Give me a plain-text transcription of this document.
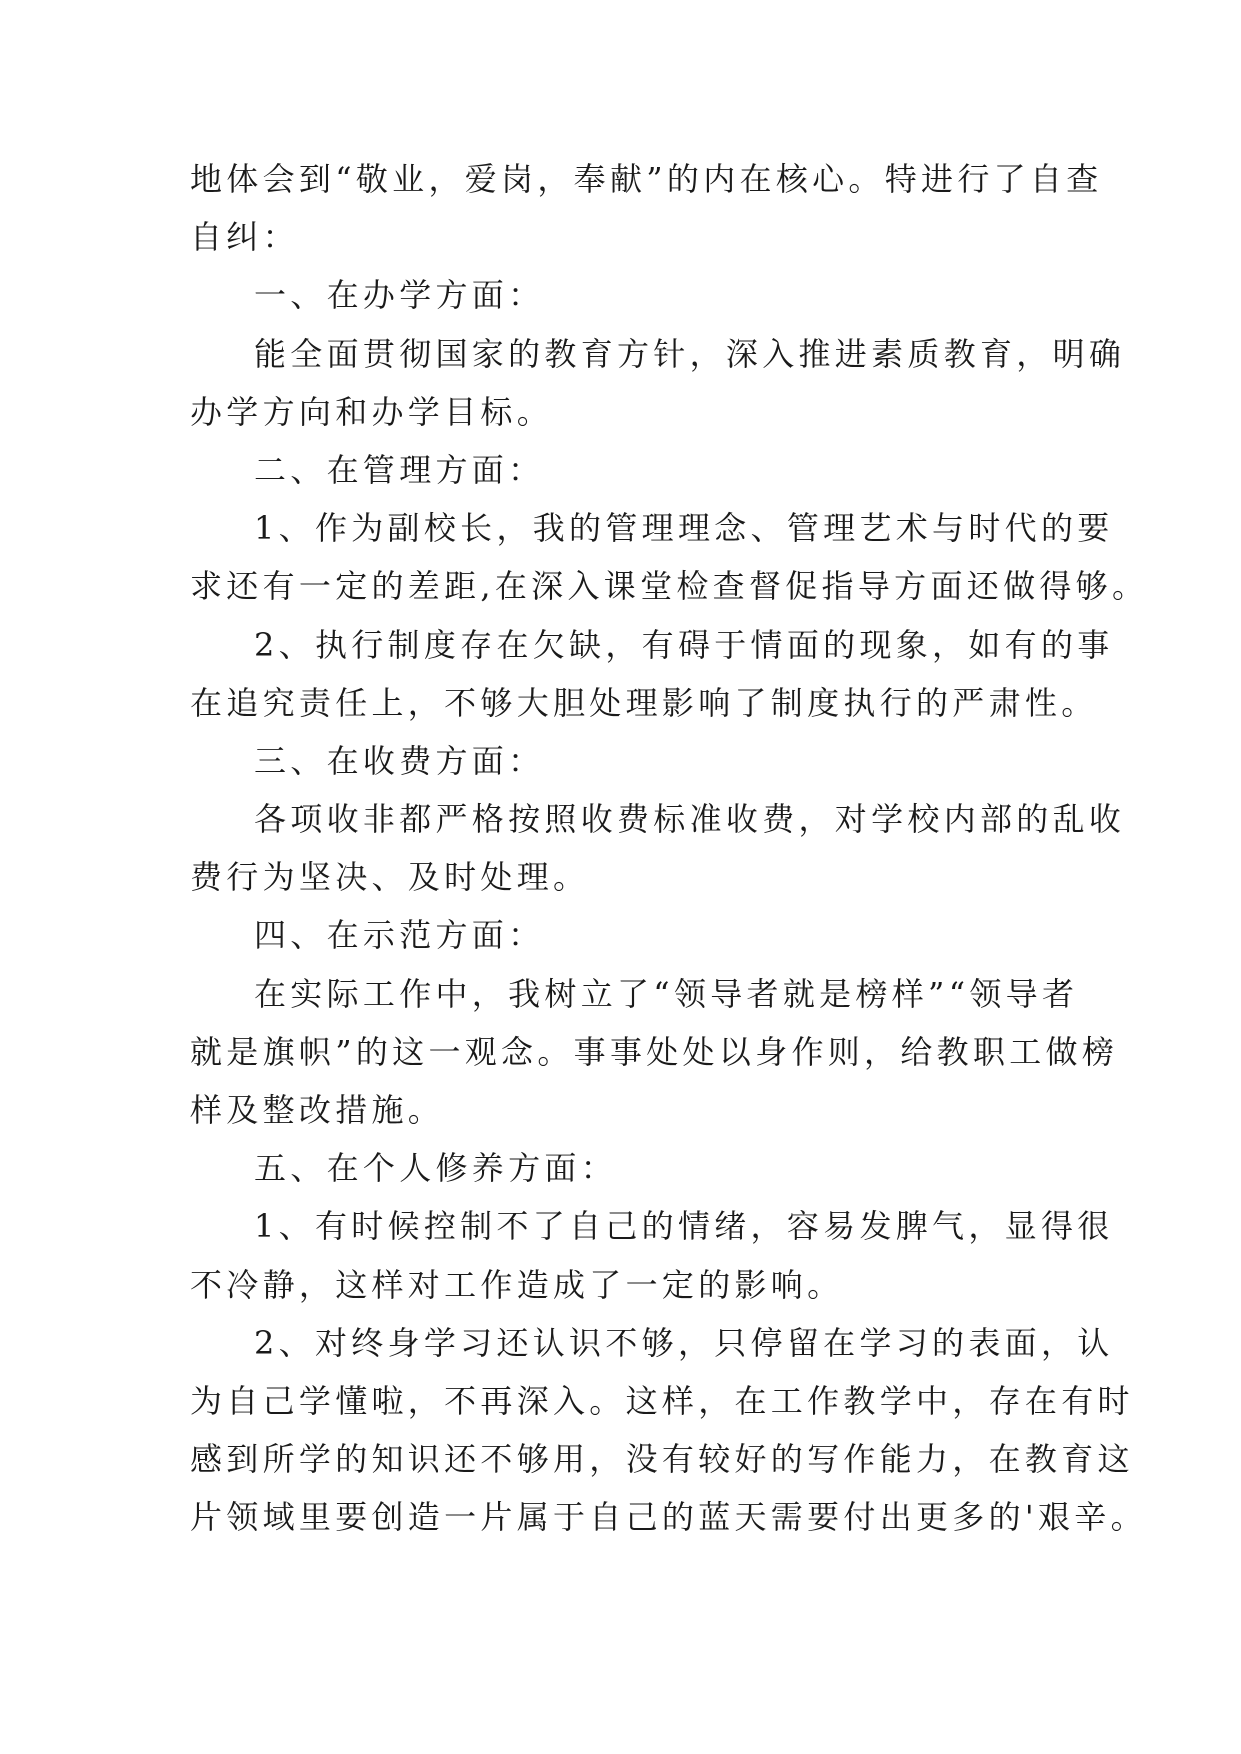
地体会到“敬业，爱岗，奉献”的内在核心。特进行了自查
自纠：
一、在办学方面：
能全面贯彻国家的教育方针，深入推进素质教育，明确
办学方向和办学目标。
二、在管理方面：
1、作为副校长，我的管理理念、管理艺术与时代的要
求还有一定的差距,在深入课堂检查督促指导方面还做得够。
2、执行制度存在欠缺，有碍于情面的现象，如有的事
在追究责任上，不够大胆处理影响了制度执行的严肃性。
三、在收费方面：
各项收非都严格按照收费标准收费，对学校内部的乱收
费行为坚决、及时处理。
四、在示范方面：
在实际工作中，我树立了“领导者就是榜样”“领导者
就是旗帜”的这一观念。事事处处以身作则，给教职工做榜
样及整改措施。
五、在个人修养方面：
1、有时候控制不了自己的情绪，容易发脾气，显得很
不冷静，这样对工作造成了一定的影响。
2、对终身学习还认识不够，只停留在学习的表面，认
为自己学懂啦，不再深入。这样，在工作教学中，存在有时
感到所学的知识还不够用，没有较好的写作能力，在教育这
片领域里要创造一片属于自己的蓝天需要付出更多的'艰辛。
